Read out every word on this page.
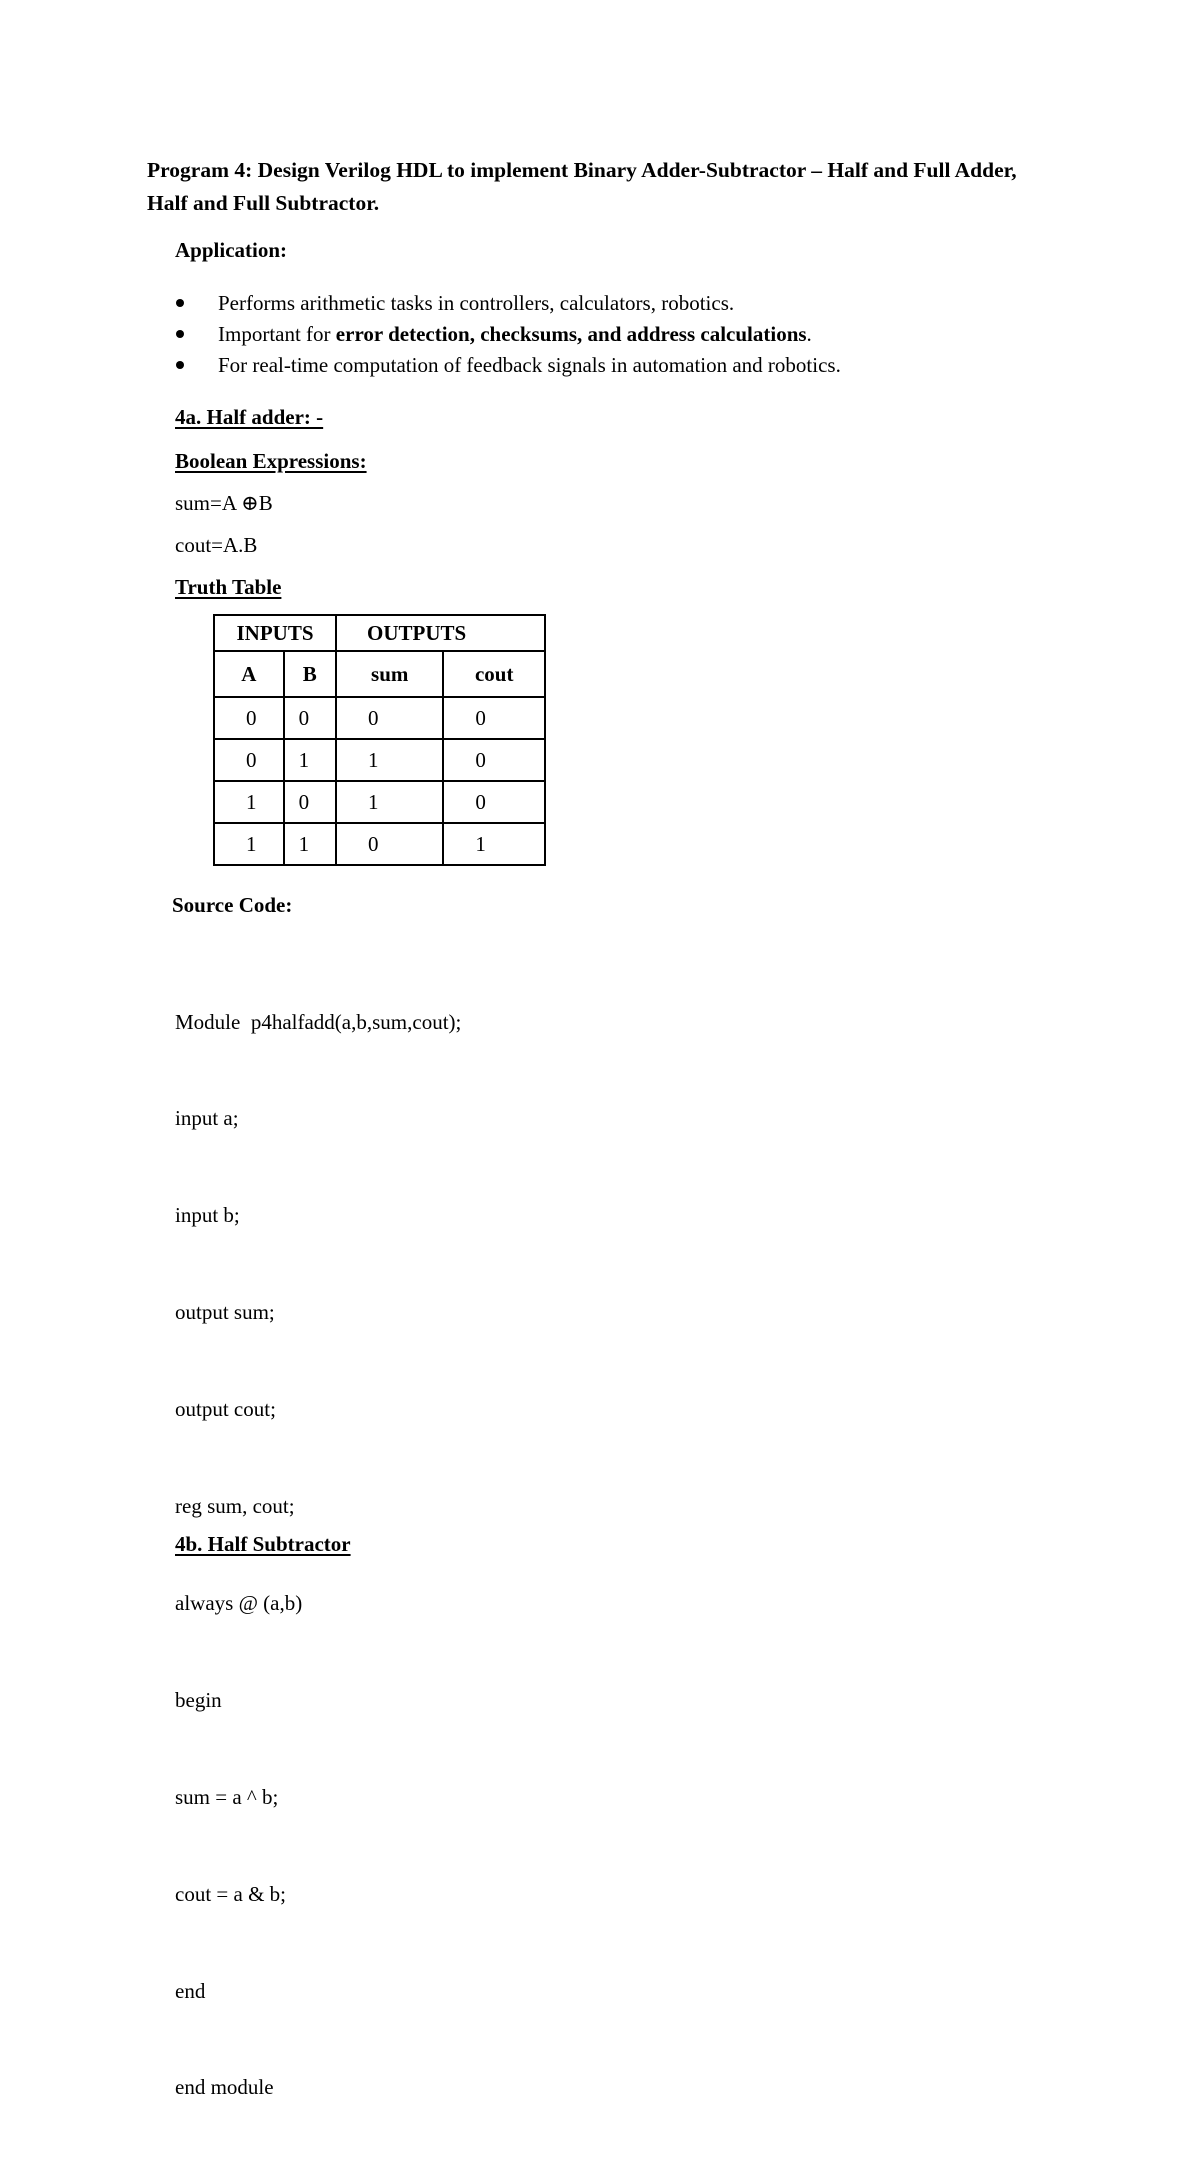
Program 4: Design Verilog HDL to implement Binary Adder-Subtractor – Half and Full Adder, Half and Full Subtractor.
Application:
Performs arithmetic tasks in controllers, calculators, robotics.
Important for error detection, checksums, and address calculations.
For real-time computation of feedback signals in automation and robotics.
4a. Half adder: -
Boolean Expressions:
sum=A ⊕B
cout=A.B
Truth Table
INPUTS		OUTPUTS	
A	B	sum	cout
0	0	0	0
0	1	1	0
1	0	1	0
1	1	0	1
Source Code:

Module  p4halfadd(a,b,sum,cout);

input a;

input b;

output sum;

output cout;

reg sum, cout;

always @ (a,b)

begin

sum = a ^ b;

cout = a & b;

end

end module

4b. Half Subtractor
